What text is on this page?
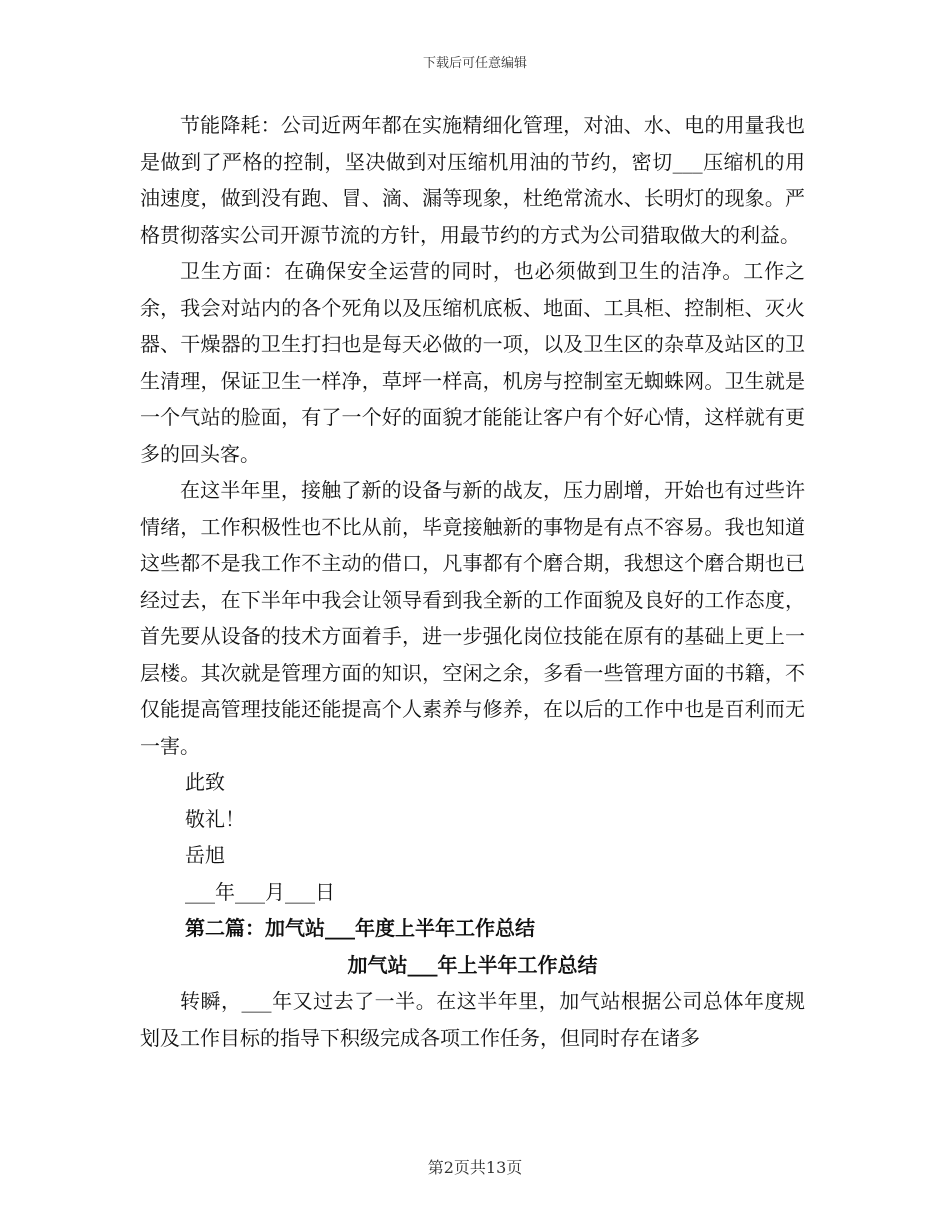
下载后可任意编辑

节能降耗：公司近两年都在实施精细化管理，对油、水、电的用量我也是做到了严格的控制，坚决做到对压缩机用油的节约，密切___压缩机的用油速度，做到没有跑、冒、滴、漏等现象，杜绝常流水、长明灯的现象。严格贯彻落实公司开源节流的方针，用最节约的方式为公司猎取做大的利益。

卫生方面：在确保安全运营的同时，也必须做到卫生的洁净。工作之余，我会对站内的各个死角以及压缩机底板、地面、工具柜、控制柜、灭火器、干燥器的卫生打扫也是每天必做的一项，以及卫生区的杂草及站区的卫生清理，保证卫生一样净，草坪一样高，机房与控制室无蜘蛛网。卫生就是一个气站的脸面，有了一个好的面貌才能能让客户有个好心情，这样就有更多的回头客。

在这半年里，接触了新的设备与新的战友，压力剧增，开始也有过些许情绪，工作积极性也不比从前，毕竟接触新的事物是有点不容易。我也知道这些都不是我工作不主动的借口，凡事都有个磨合期，我想这个磨合期也已经过去，在下半年中我会让领导看到我全新的工作面貌及良好的工作态度，首先要从设备的技术方面着手，进一步强化岗位技能在原有的基础上更上一层楼。其次就是管理方面的知识，空闲之余，多看一些管理方面的书籍，不仅能提高管理技能还能提高个人素养与修养，在以后的工作中也是百利而无一害。

此致

敬礼！

岳旭

___年___月___日

第二篇：加气站___年度上半年工作总结

加气站___年上半年工作总结

转瞬，___年又过去了一半。在这半年里，加气站根据公司总体年度规划及工作目标的指导下积级完成各项工作任务，但同时存在诸多

第2页共13页
